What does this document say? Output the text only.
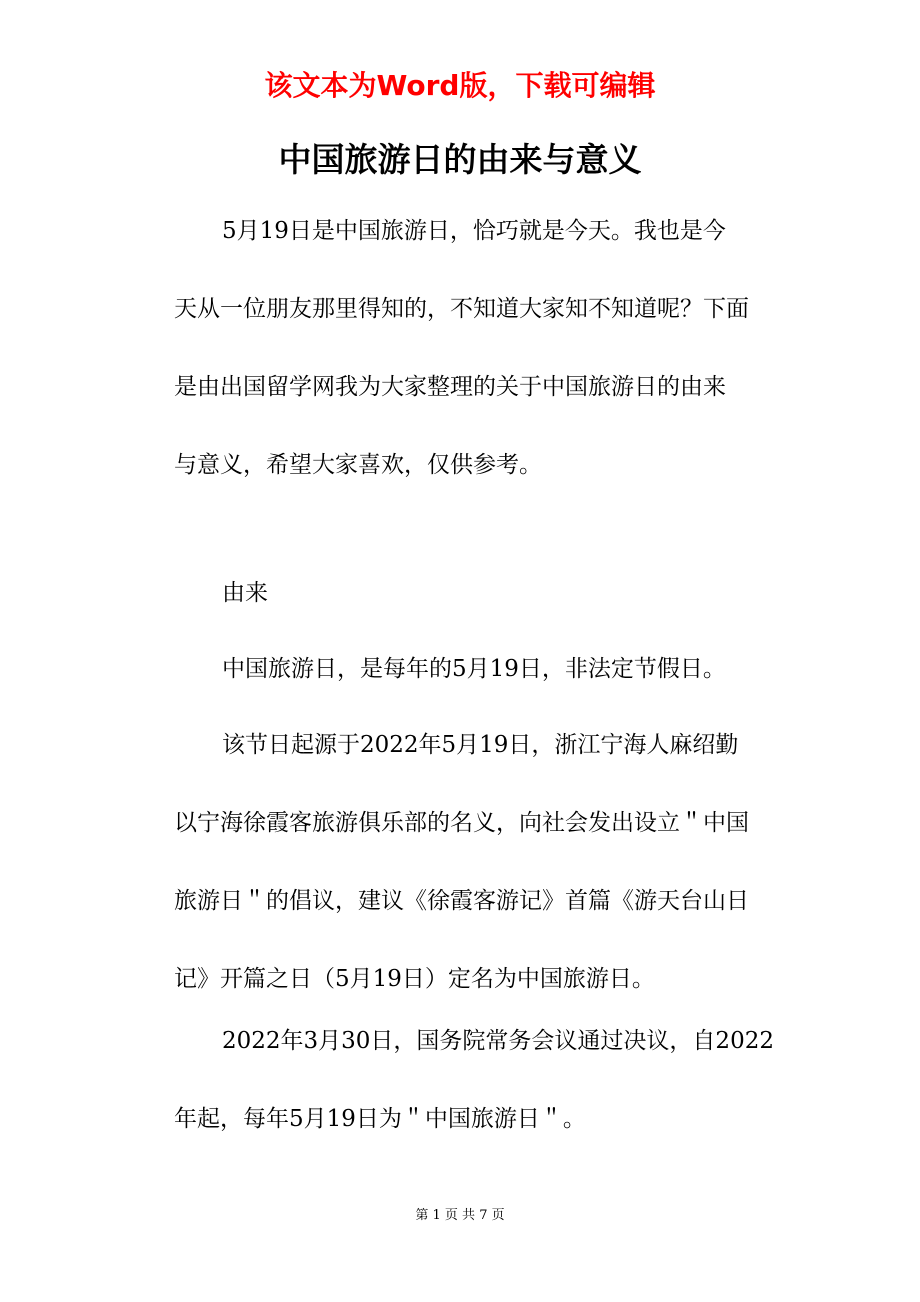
该文本为Word版，下载可编辑
中国旅游日的由来与意义
5月19日是中国旅游日，恰巧就是今天。我也是今
天从一位朋友那里得知的，不知道大家知不知道呢？下面
是由出国留学网我为大家整理的关于中国旅游日的由来
与意义，希望大家喜欢，仅供参考。
由来
中国旅游日，是每年的5月19日，非法定节假日。
该节日起源于2022年5月19日，浙江宁海人麻绍勤
以宁海徐霞客旅游俱乐部的名义，向社会发出设立＂中国
旅游日＂的倡议，建议《徐霞客游记》首篇《游天台山日
记》开篇之日（5月19日）定名为中国旅游日。
2022年3月30日，国务院常务会议通过决议，自2022
年起，每年5月19日为＂中国旅游日＂。
第 1 页 共 7 页
